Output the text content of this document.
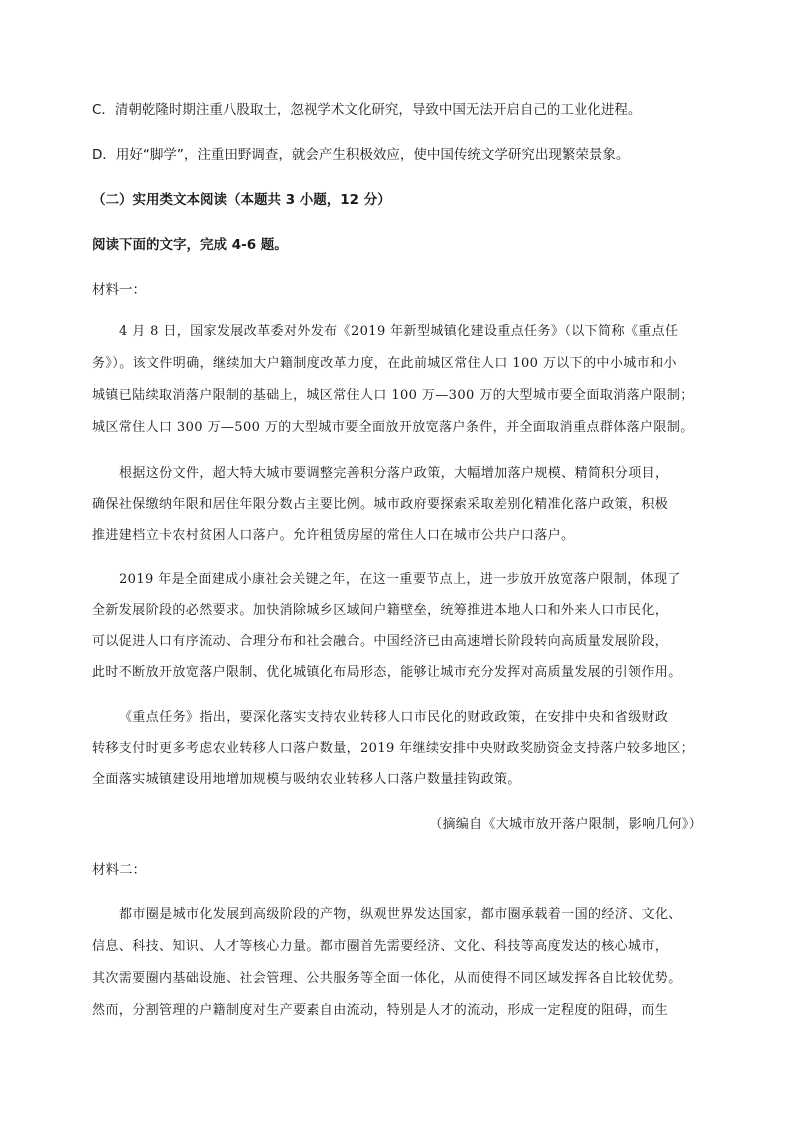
C．清朝乾隆时期注重八股取士，忽视学术文化研究，导致中国无法开启自己的工业化进程。
D．用好“脚学”，注重田野调查，就会产生积极效应，使中国传统文学研究出现繁荣景象。
（二）实用类文本阅读（本题共 3 小题，12 分）
阅读下面的文字，完成 4-6 题。
材料一：
4 月 8 日，国家发展改革委对外发布《2019 年新型城镇化建设重点任务》（以下简称《重点任
务》）。该文件明确，继续加大户籍制度改革力度，在此前城区常住人口 100 万以下的中小城市和小
城镇已陆续取消落户限制的基础上，城区常住人口 100 万—300 万的大型城市要全面取消落户限制；
城区常住人口 300 万—500 万的大型城市要全面放开放宽落户条件，并全面取消重点群体落户限制。
根据这份文件，超大特大城市要调整完善积分落户政策，大幅增加落户规模、精简积分项目，
确保社保缴纳年限和居住年限分数占主要比例。城市政府要探索采取差别化精准化落户政策，积极
推进建档立卡农村贫困人口落户。允许租赁房屋的常住人口在城市公共户口落户。
2019 年是全面建成小康社会关键之年，在这一重要节点上，进一步放开放宽落户限制，体现了
全新发展阶段的必然要求。加快消除城乡区域间户籍壁垒，统筹推进本地人口和外来人口市民化，
可以促进人口有序流动、合理分布和社会融合。中国经济已由高速增长阶段转向高质量发展阶段，
此时不断放开放宽落户限制、优化城镇化布局形态，能够让城市充分发挥对高质量发展的引领作用。
《重点任务》指出，要深化落实支持农业转移人口市民化的财政政策，在安排中央和省级财政
转移支付时更多考虑农业转移人口落户数量，2019 年继续安排中央财政奖励资金支持落户较多地区；
全面落实城镇建设用地增加规模与吸纳农业转移人口落户数量挂钩政策。
（摘编自《大城市放开落户限制，影响几何》）
材料二：
都市圈是城市化发展到高级阶段的产物，纵观世界发达国家，都市圈承载着一国的经济、文化、
信息、科技、知识、人才等核心力量。都市圈首先需要经济、文化、科技等高度发达的核心城市，
其次需要圈内基础设施、社会管理、公共服务等全面一体化，从而使得不同区域发挥各自比较优势。
然而，分割管理的户籍制度对生产要素自由流动，特别是人才的流动，形成一定程度的阻碍，而生
